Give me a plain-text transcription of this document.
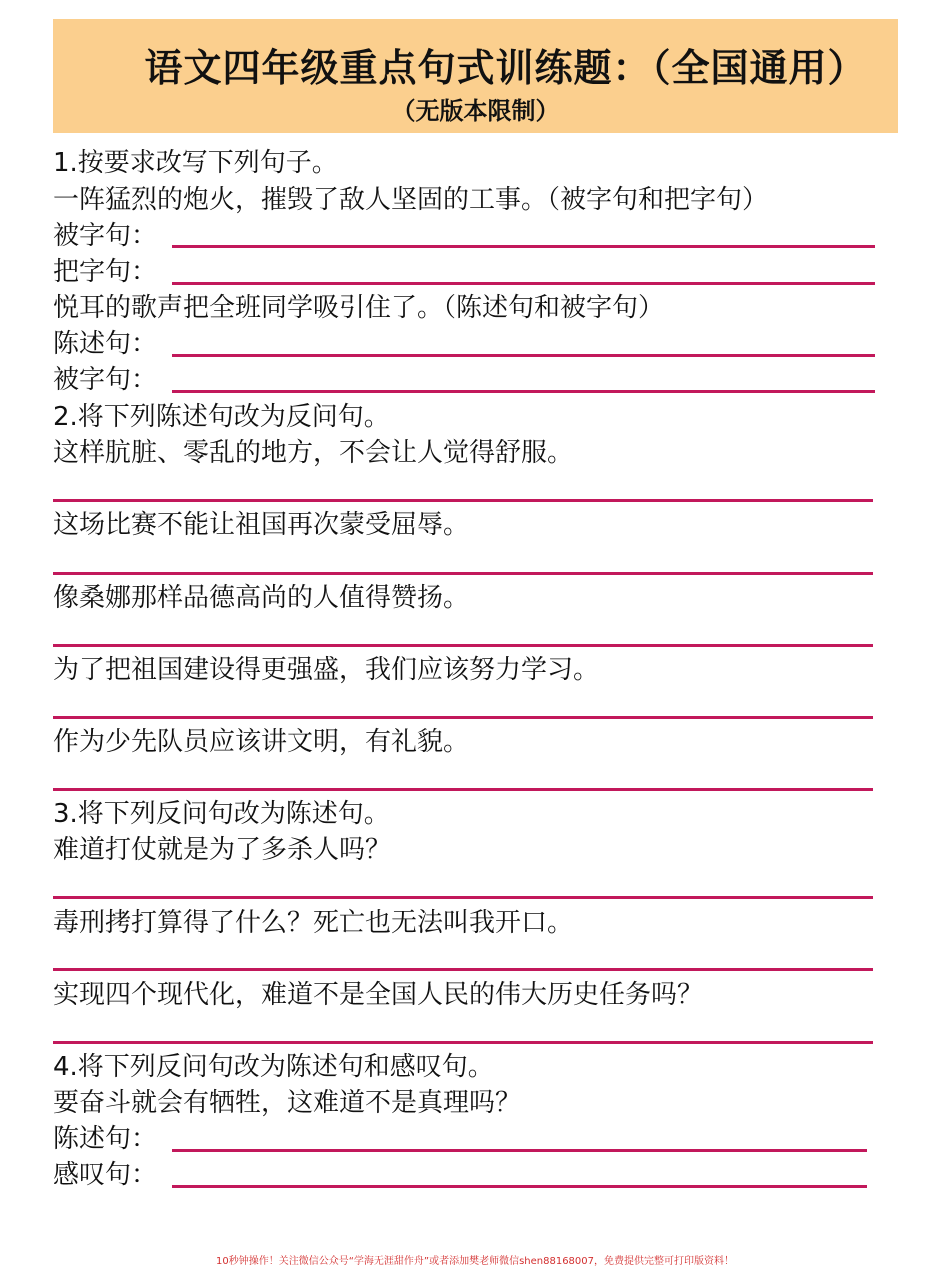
语文四年级重点句式训练题：（全国通用）
（无版本限制）
1.按要求改写下列句子。
一阵猛烈的炮火，摧毁了敌人坚固的工事。（被字句和把字句）
被字句：
把字句：
悦耳的歌声把全班同学吸引住了。（陈述句和被字句）
陈述句：
被字句：
2.将下列陈述句改为反问句。
这样肮脏、零乱的地方，不会让人觉得舒服。
这场比赛不能让祖国再次蒙受屈辱。
像桑娜那样品德高尚的人值得赞扬。
为了把祖国建设得更强盛，我们应该努力学习。
作为少先队员应该讲文明，有礼貌。
3.将下列反问句改为陈述句。
难道打仗就是为了多杀人吗？
毒刑拷打算得了什么？死亡也无法叫我开口。
实现四个现代化，难道不是全国人民的伟大历史任务吗？
4.将下列反问句改为陈述句和感叹句。
要奋斗就会有牺牲，这难道不是真理吗？
陈述句：
感叹句：
10秒钟操作！关注微信公众号“学海无涯甜作舟”或者添加樊老师微信shen88168007，免费提供完整可打印版资料！
